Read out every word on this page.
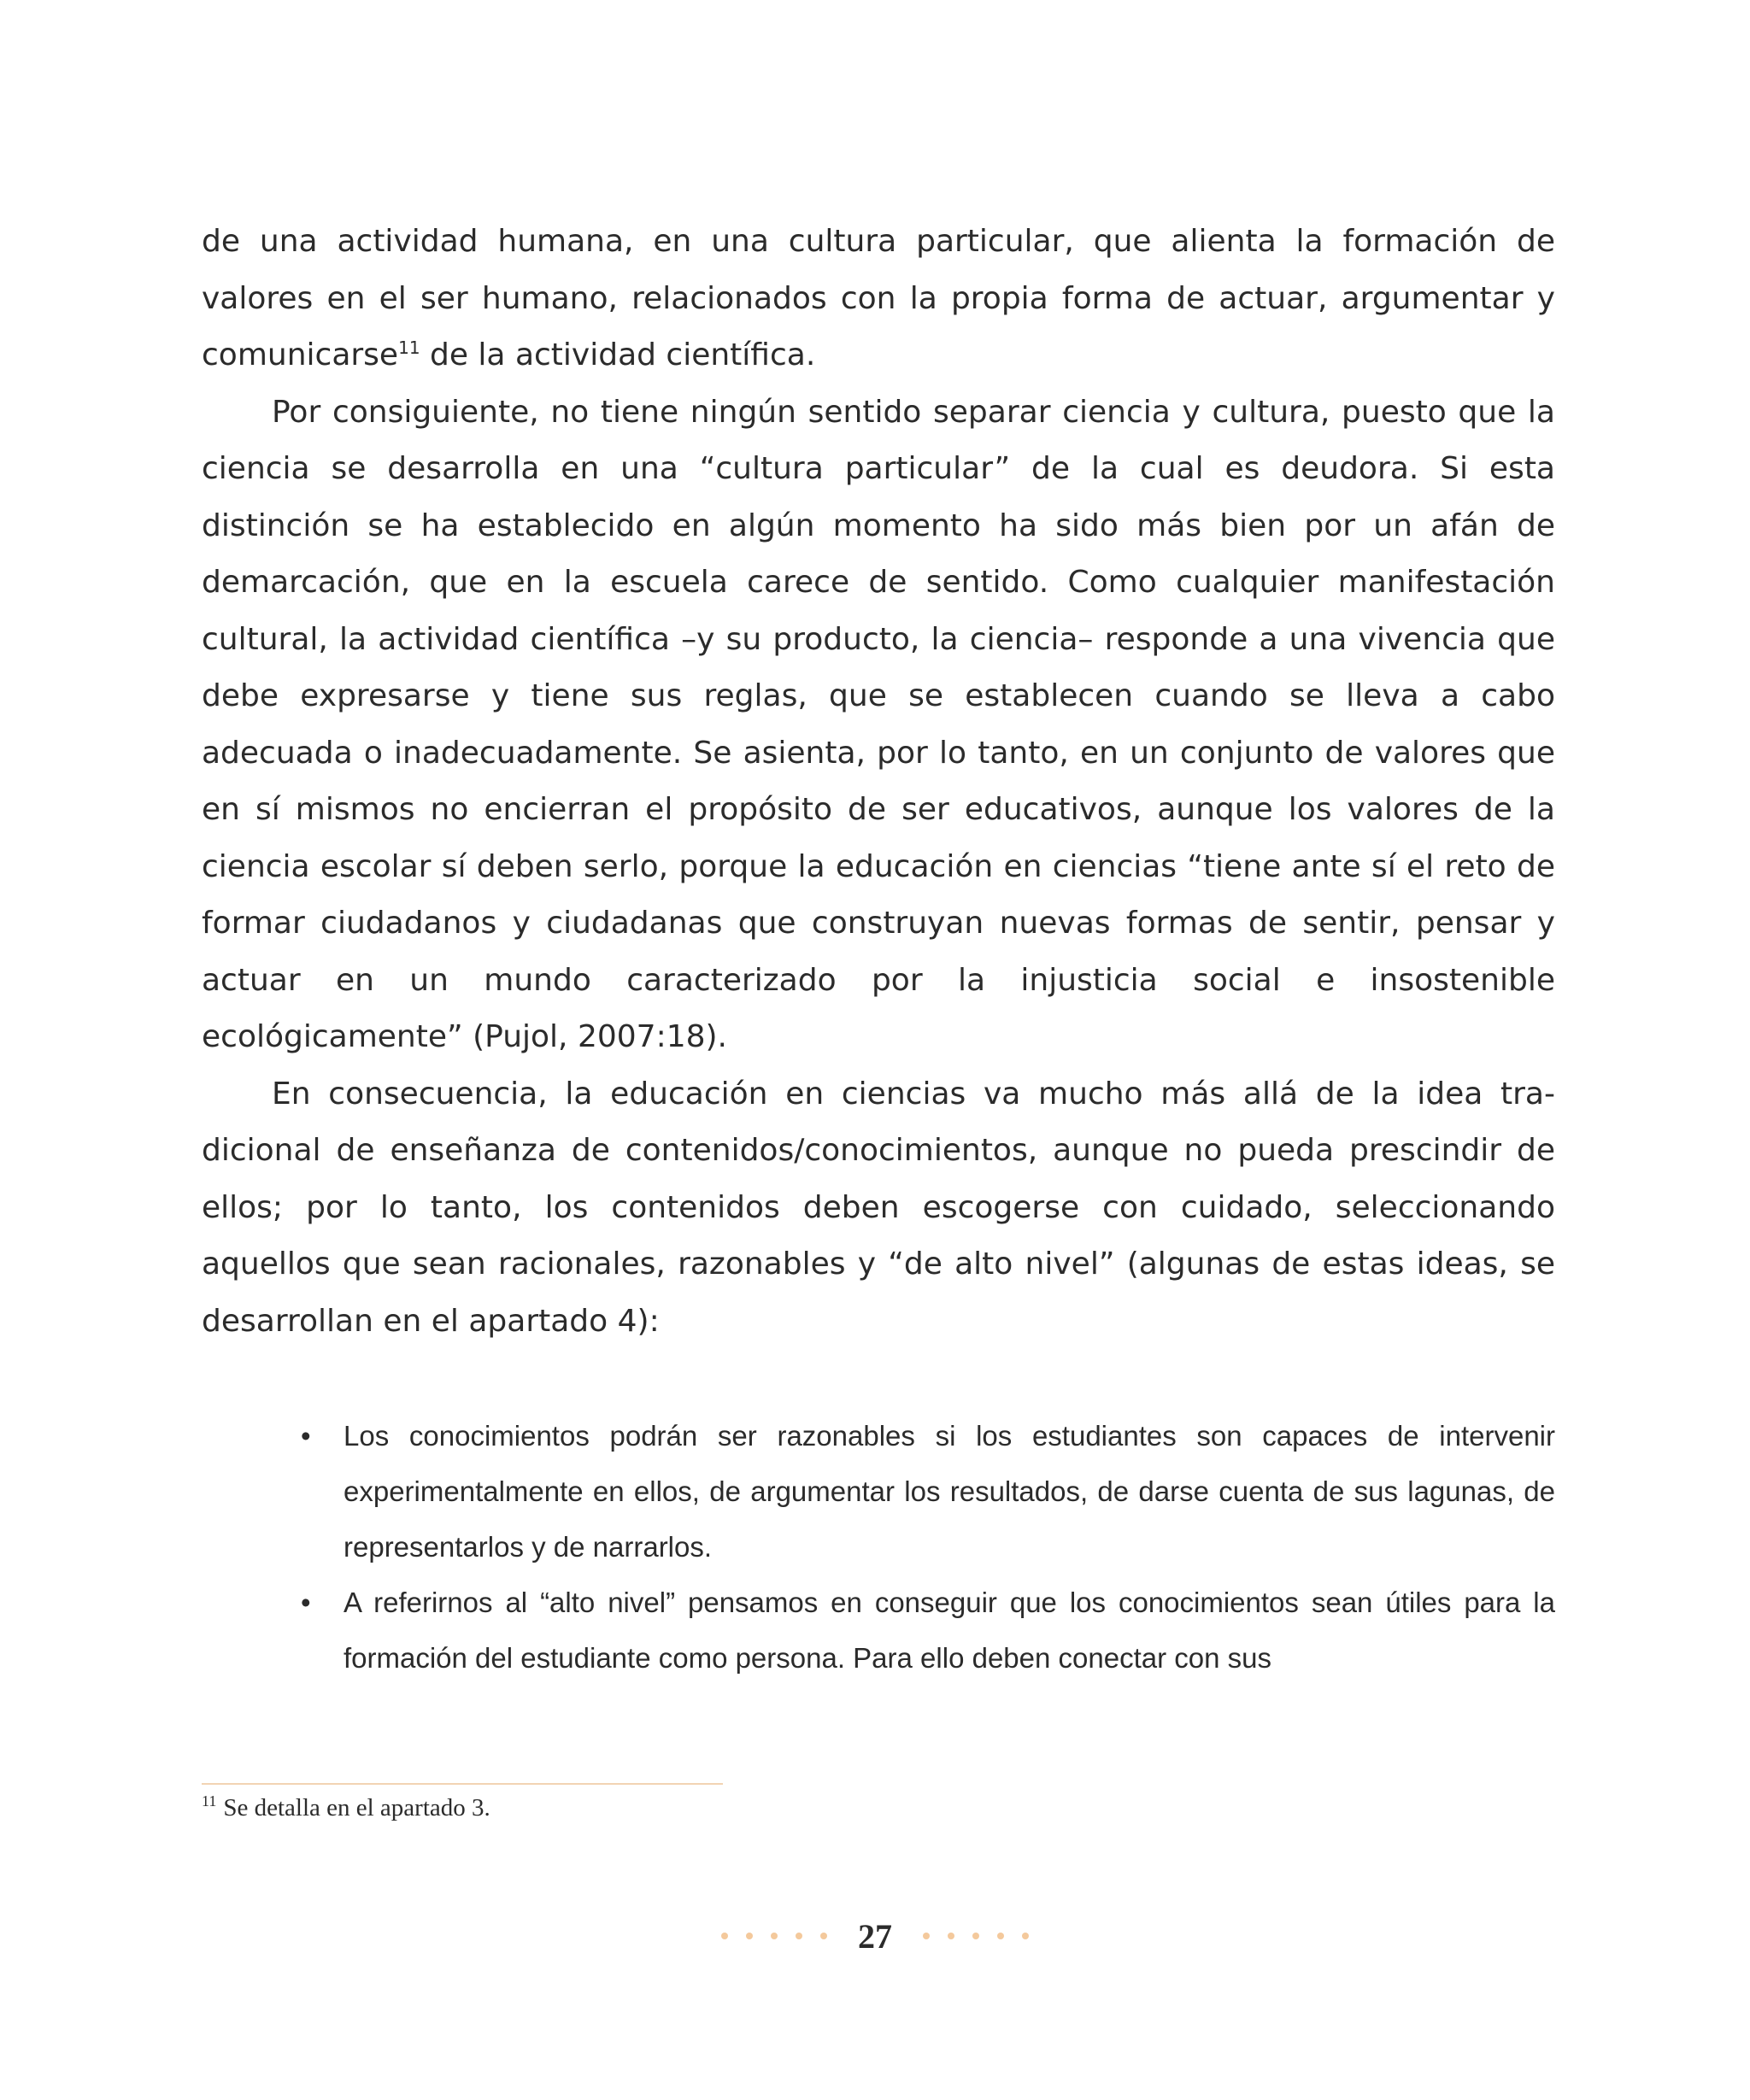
de una actividad humana, en una cultura particular, que alienta la formación de valores en el ser humano, relacionados con la propia forma de actuar, argumentar y comunicarse$^{11}$ de la actividad científica.

Por consiguiente, no tiene ningún sentido separar ciencia y cultura, puesto que la ciencia se desarrolla en una “cultura particular” de la cual es deudora. Si esta distinción se ha establecido en algún momento ha sido más bien por un afán de demarcación, que en la escuela carece de sentido. Como cualquier manifestación cultural, la actividad científica –y su producto, la ciencia– responde a una vivencia que debe expresarse y tiene sus reglas, que se establecen cuando se lleva a cabo adecuada o inadecuadamente. Se asienta, por lo tanto, en un conjunto de valores que en sí mismos no encierran el propósito de ser educativos, aunque los valores de la ciencia escolar sí deben serlo, porque la educación en ciencias “tiene ante sí el reto de formar ciudadanos y ciudadanas que construyan nuevas formas de sentir, pensar y actuar en un mundo caracterizado por la injusticia social e insostenible ecológicamente” (Pujol, 2007:18).

En consecuencia, la educación en ciencias va mucho más allá de la idea tradicional de enseñanza de contenidos/conocimientos, aunque no pueda prescindir de ellos; por lo tanto, los contenidos deben escogerse con cuidado, seleccionando aquellos que sean racionales, razonables y “de alto nivel” (algunas de estas ideas, se desarrollan en el apartado 4):

• Los conocimientos podrán ser razonables si los estudiantes son capaces de intervenir experimentalmente en ellos, de argumentar los resultados, de darse cuenta de sus lagunas, de representarlos y de narrarlos.
• A referirnos al “alto nivel” pensamos en conseguir que los conocimientos sean útiles para la formación del estudiante como persona. Para ello deben conectar con sus
$^{11}$ Se detalla en el apartado 3.
27
